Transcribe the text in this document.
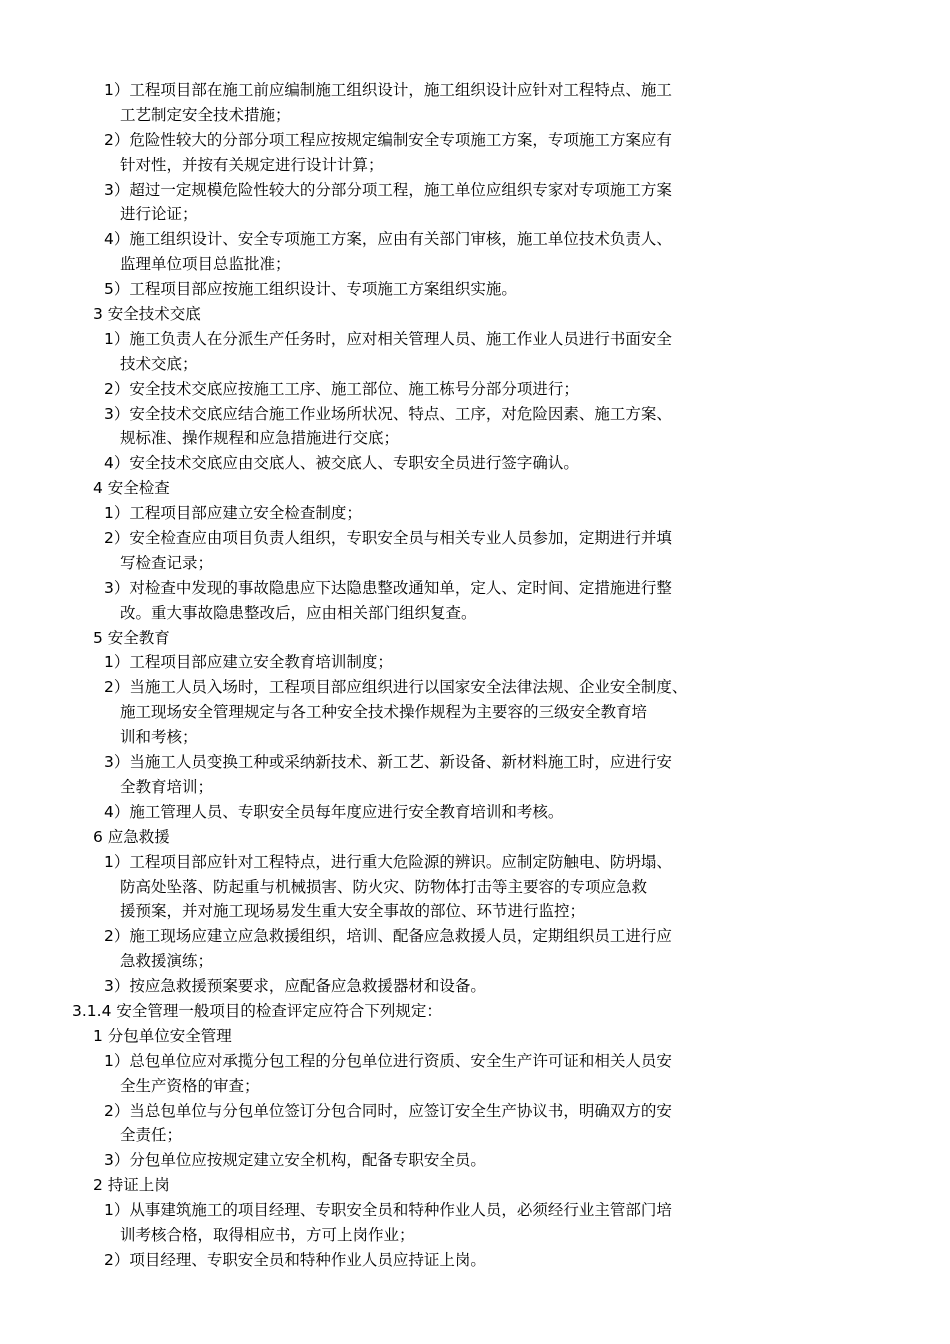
1）工程项目部在施工前应编制施工组织设计，施工组织设计应针对工程特点、施工
工艺制定安全技术措施；
2）危险性较大的分部分项工程应按规定编制安全专项施工方案，专项施工方案应有
针对性，并按有关规定进行设计计算；
3）超过一定规模危险性较大的分部分项工程，施工单位应组织专家对专项施工方案
进行论证；
4）施工组织设计、安全专项施工方案，应由有关部门审核，施工单位技术负责人、
监理单位项目总监批准；
5）工程项目部应按施工组织设计、专项施工方案组织实施。
3 安全技术交底
1）施工负责人在分派生产任务时，应对相关管理人员、施工作业人员进行书面安全
技术交底；
2）安全技术交底应按施工工序、施工部位、施工栋号分部分项进行；
3）安全技术交底应结合施工作业场所状况、特点、工序，对危险因素、施工方案、
规标准、操作规程和应急措施进行交底；
4）安全技术交底应由交底人、被交底人、专职安全员进行签字确认。
4 安全检查
1）工程项目部应建立安全检查制度；
2）安全检查应由项目负责人组织，专职安全员与相关专业人员参加，定期进行并填
写检查记录；
3）对检查中发现的事故隐患应下达隐患整改通知单，定人、定时间、定措施进行整
改。重大事故隐患整改后，应由相关部门组织复查。
5 安全教育
1）工程项目部应建立安全教育培训制度；
2）当施工人员入场时，工程项目部应组织进行以国家安全法律法规、企业安全制度、
施工现场安全管理规定与各工种安全技术操作规程为主要容的三级安全教育培
训和考核；
3）当施工人员变换工种或采纳新技术、新工艺、新设备、新材料施工时，应进行安
全教育培训；
4）施工管理人员、专职安全员每年度应进行安全教育培训和考核。
6 应急救援
1）工程项目部应针对工程特点，进行重大危险源的辨识。应制定防触电、防坍塌、
防高处坠落、防起重与机械损害、防火灾、防物体打击等主要容的专项应急救
援预案，并对施工现场易发生重大安全事故的部位、环节进行监控；
2）施工现场应建立应急救援组织，培训、配备应急救援人员，定期组织员工进行应
急救援演练；
3）按应急救援预案要求，应配备应急救援器材和设备。
3.1.4 安全管理一般项目的检查评定应符合下列规定：
1 分包单位安全管理
1）总包单位应对承揽分包工程的分包单位进行资质、安全生产许可证和相关人员安
全生产资格的审查；
2）当总包单位与分包单位签订分包合同时，应签订安全生产协议书，明确双方的安
全责任；
3）分包单位应按规定建立安全机构，配备专职安全员。
2 持证上岗
1）从事建筑施工的项目经理、专职安全员和特种作业人员，必须经行业主管部门培
训考核合格，取得相应书，方可上岗作业；
2）项目经理、专职安全员和特种作业人员应持证上岗。
